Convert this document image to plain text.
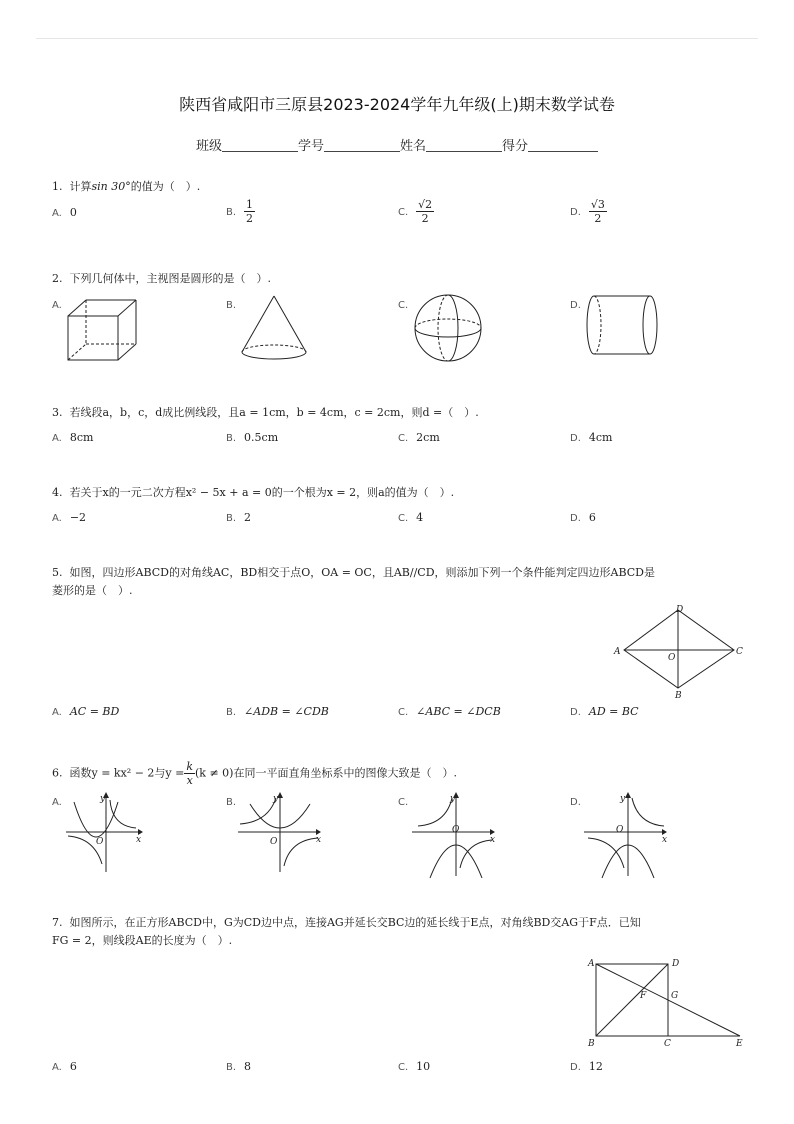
陕西省咸阳市三原县2023-2024学年九年级(上)期末数学试卷
班级	学号	姓名	得分
1. 计算sin 30°的值为（　）.
A. 0	B. $\frac{1}{2}$	C. $\frac{√2}{2}$	D. $\frac{√3}{2}$
2. 下列几何体中，主视图是圆形的是（　）.
A.	B.	C.	D.
3. 若线段a，b，c，d成比例线段，且a = 1cm，b = 4cm，c = 2cm，则d =（　）.
A. 8cm	B. 0.5cm	C. 2cm	D. 4cm
4. 若关于x的一元二次方程x² − 5x + a = 0的一个根为x = 2，则a的值为（　）.
A. −2	B. 2	C. 4	D. 6
5. 如图，四边形ABCD的对角线AC，BD相交于点O，OA = OC，且AB//CD，则添加下列一个条件能判定四边形ABCD是
菱形的是（　）.
A
D
C
B
O
A. AC = BD	B. ∠ADB = ∠CDB	C. ∠ABC = ∠DCB	D. AD = BC
6. 函数y = kx² − 2与$y = \frac{k}{x} (k \ne 0)$在同一平面直角坐标系中的图像大致是（　）.
A.	y
x
O
B.	y
x
O
C.	y
x
O
D.	y
x
O
7. 如图所示，在正方形ABCD中，G为CD边中点，连接AG并延长交BC边的延长线于E点，对角线BD交AG于F点．已知
FG = 2，则线段AE的长度为（　）.
A	D
B	C	E
F	G
A. 6	B. 8	C. 10	D. 12
